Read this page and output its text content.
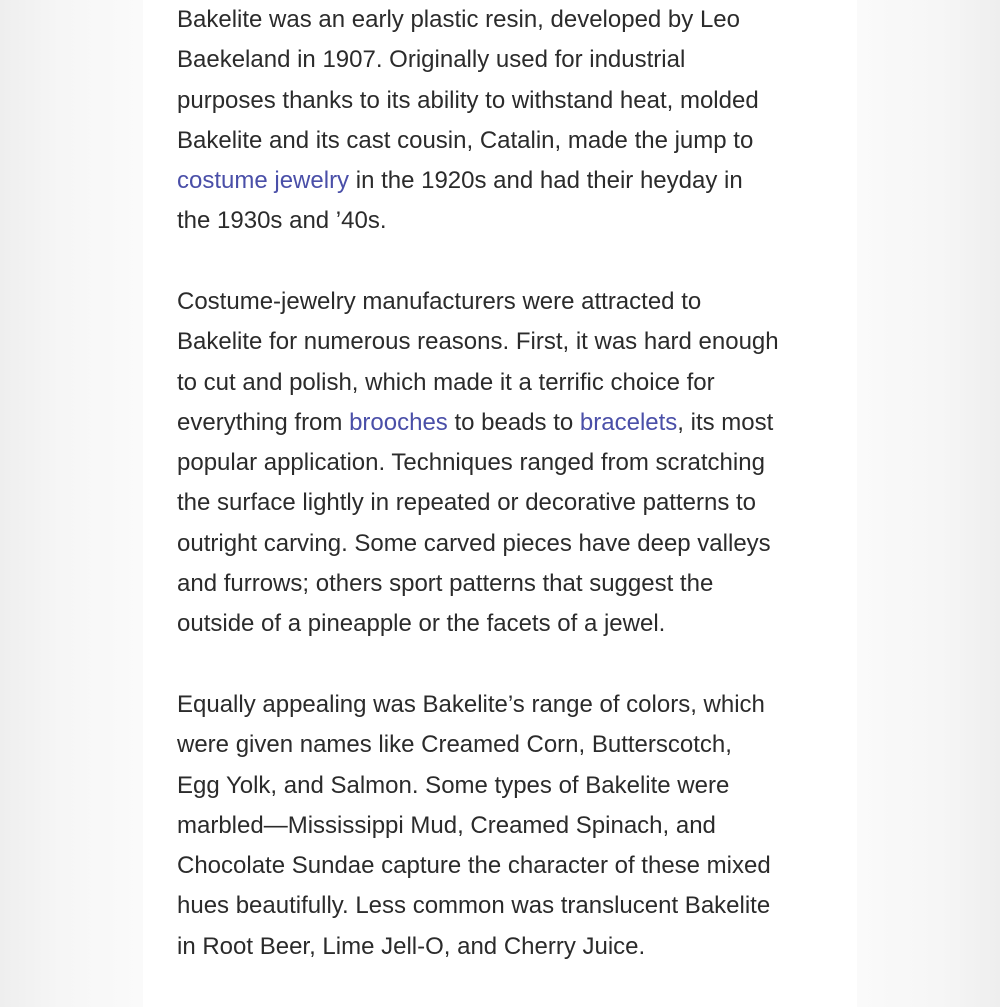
Bakelite was an early plastic resin, developed by Leo
Baekeland in 1907. Originally used for industrial
purposes thanks to its ability to withstand heat, molded
Bakelite and its cast cousin, Catalin, made the jump to
costume jewelry in the 1920s and had their heyday in
the 1930s and ’40s.

Costume-jewelry manufacturers were attracted to
Bakelite for numerous reasons. First, it was hard enough
to cut and polish, which made it a terrific choice for
everything from brooches to beads to bracelets, its most
popular application. Techniques ranged from scratching
the surface lightly in repeated or decorative patterns to
outright carving. Some carved pieces have deep valleys
and furrows; others sport patterns that suggest the
outside of a pineapple or the facets of a jewel.

Equally appealing was Bakelite’s range of colors, which
were given names like Creamed Corn, Butterscotch,
Egg Yolk, and Salmon. Some types of Bakelite were
marbled—Mississippi Mud, Creamed Spinach, and
Chocolate Sundae capture the character of these mixed
hues beautifully. Less common was translucent Bakelite
in Root Beer, Lime Jell-O, and Cherry Juice.
